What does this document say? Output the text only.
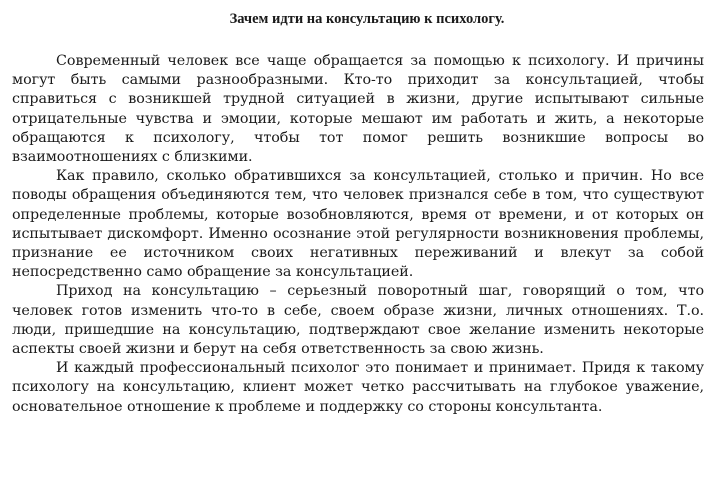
Зачем идти на консультацию к психологу.

Современный человек все чаще обращается за помощью к психологу. И причины могут быть самыми разнообразными. Кто-то приходит за консультацией, чтобы справиться с возникшей трудной ситуацией в жизни, другие испытывают сильные отрицательные чувства и эмоции, которые мешают им работать и жить, а некоторые обращаются к психологу, чтобы тот помог решить возникшие вопросы во взаимоотношениях с близкими.

Как правило, сколько обратившихся за консультацией, столько и причин. Но все поводы обращения объединяются тем, что человек признался себе в том, что существуют определенные проблемы, которые возобновляются, время от времени, и от которых он испытывает дискомфорт. Именно осознание этой регулярности возникновения проблемы, признание ее источником своих негативных переживаний и влекут за собой непосредственно само обращение за консультацией.

Приход на консультацию – серьезный поворотный шаг, говорящий о том, что человек готов изменить что-то в себе, своем образе жизни, личных отношениях. Т.о. люди, пришедшие на консультацию, подтверждают свое желание изменить некоторые аспекты своей жизни и берут на себя ответственность за свою жизнь.

И каждый профессиональный психолог это понимает и принимает. Придя к такому психологу на консультацию, клиент может четко рассчитывать на глубокое уважение, основательное отношение к проблеме и поддержку со стороны консультанта.
